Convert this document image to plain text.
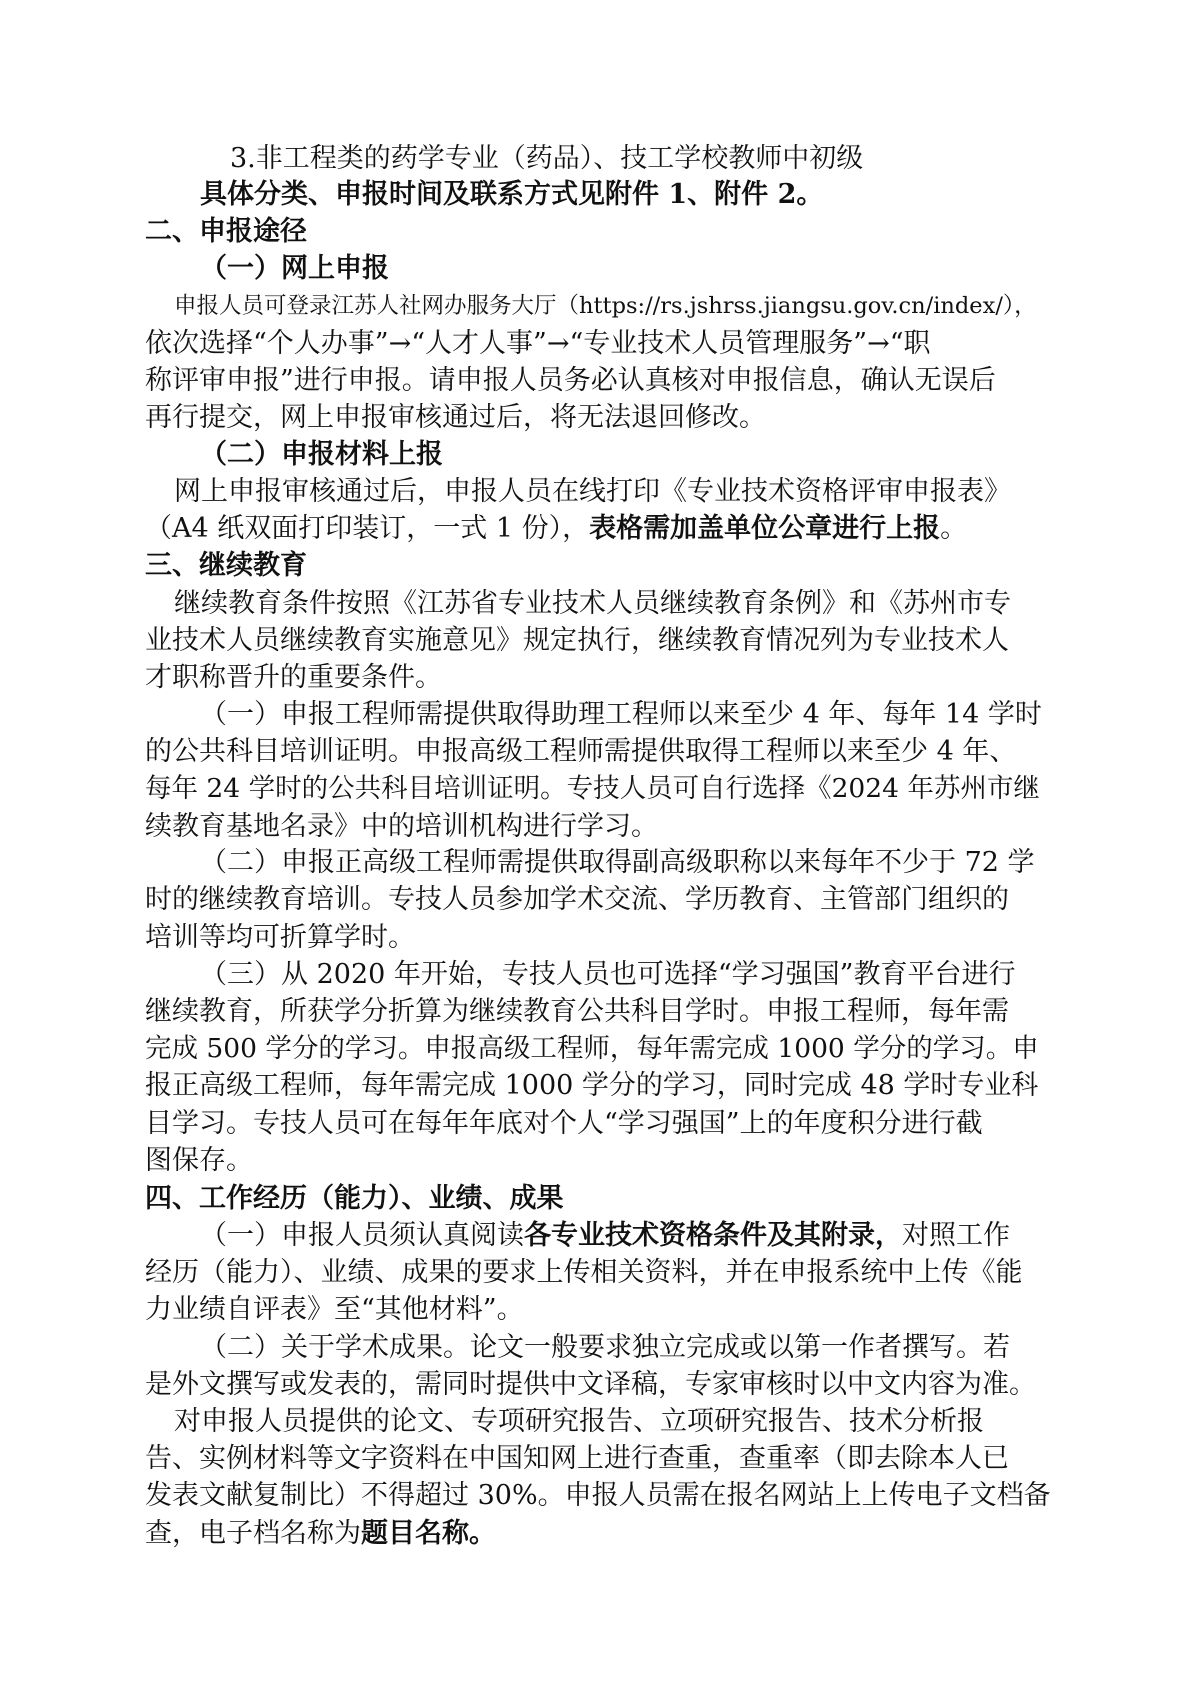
3.非工程类的药学专业（药品）、技工学校教师中初级
具体分类、申报时间及联系方式见附件 1、附件 2。
二、申报途径
（一）网上申报
申报人员可登录江苏人社网办服务大厅（https://rs.jshrss.jiangsu.gov.cn/index/），
依次选择“个人办事”→“人才人事”→“专业技术人员管理服务”→“职
称评审申报”进行申报。请申报人员务必认真核对申报信息，确认无误后
再行提交，网上申报审核通过后，将无法退回修改。
（二）申报材料上报
网上申报审核通过后，申报人员在线打印《专业技术资格评审申报表》
（A4 纸双面打印装订，一式 1 份），表格需加盖单位公章进行上报。
三、继续教育
继续教育条件按照《江苏省专业技术人员继续教育条例》和《苏州市专
业技术人员继续教育实施意见》规定执行，继续教育情况列为专业技术人
才职称晋升的重要条件。
（一）申报工程师需提供取得助理工程师以来至少 4 年、每年 14 学时
的公共科目培训证明。申报高级工程师需提供取得工程师以来至少 4 年、
每年 24 学时的公共科目培训证明。专技人员可自行选择《2024 年苏州市继
续教育基地名录》中的培训机构进行学习。
（二）申报正高级工程师需提供取得副高级职称以来每年不少于 72 学
时的继续教育培训。专技人员参加学术交流、学历教育、主管部门组织的
培训等均可折算学时。
（三）从 2020 年开始，专技人员也可选择“学习强国”教育平台进行
继续教育，所获学分折算为继续教育公共科目学时。申报工程师，每年需
完成 500 学分的学习。申报高级工程师，每年需完成 1000 学分的学习。申
报正高级工程师，每年需完成 1000 学分的学习，同时完成 48 学时专业科
目学习。专技人员可在每年年底对个人“学习强国”上的年度积分进行截
图保存。
四、工作经历（能力）、业绩、成果
（一）申报人员须认真阅读各专业技术资格条件及其附录，对照工作
经历（能力）、业绩、成果的要求上传相关资料，并在申报系统中上传《能
力业绩自评表》至“其他材料”。
（二）关于学术成果。论文一般要求独立完成或以第一作者撰写。若
是外文撰写或发表的，需同时提供中文译稿，专家审核时以中文内容为准。
对申报人员提供的论文、专项研究报告、立项研究报告、技术分析报
告、实例材料等文字资料在中国知网上进行查重，查重率（即去除本人已
发表文献复制比）不得超过 30%。申报人员需在报名网站上上传电子文档备
查，电子档名称为题目名称。
